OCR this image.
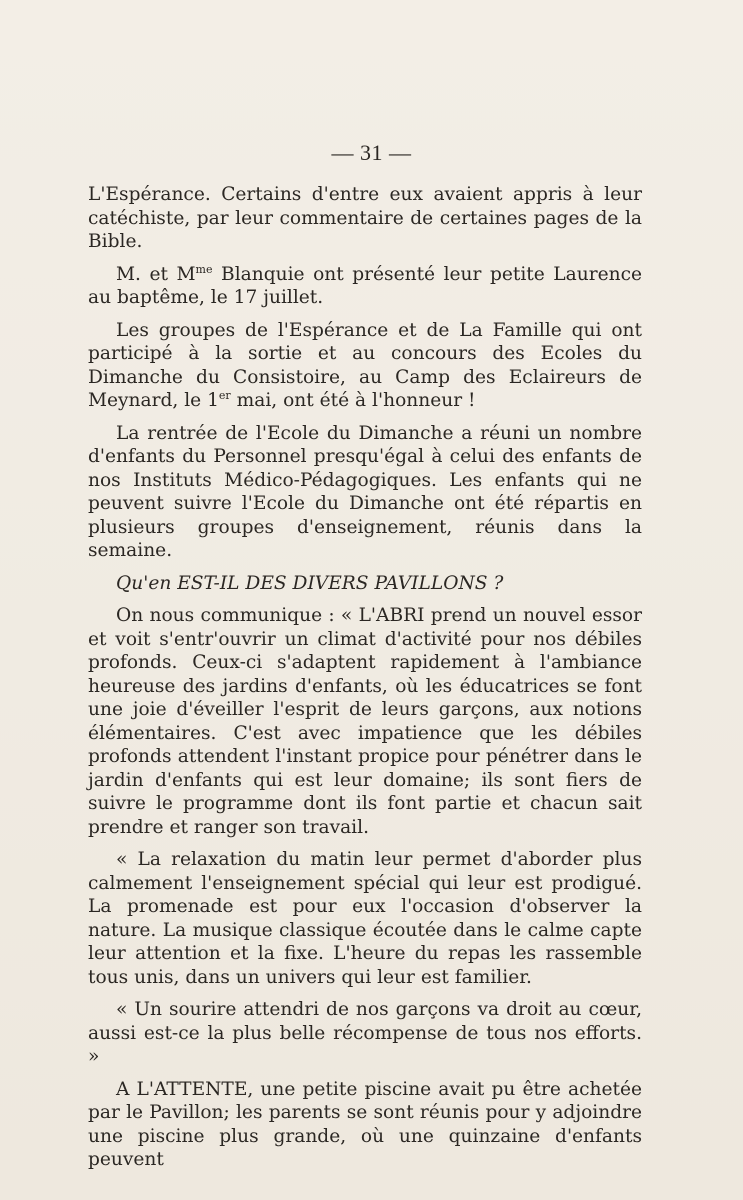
— 31 —

L'Espérance. Certains d'entre eux avaient appris à leur catéchiste, par leur commentaire de certaines pages de la Bible.

M. et $M^{me}$ Blanquie ont présenté leur petite Laurence au baptême, le 17 juillet.

Les groupes de l'Espérance et de La Famille qui ont participé à la sortie et au concours des Ecoles du Dimanche du Consistoire, au Camp des Eclaireurs de Meynard, le 1er mai, ont été à l'honneur !

La rentrée de l'Ecole du Dimanche a réuni un nombre d'enfants du Personnel presqu'égal à celui des enfants de nos Instituts Médico-Pédagogiques. Les enfants qui ne peuvent suivre l'Ecole du Dimanche ont été répartis en plusieurs groupes d'enseignement, réunis dans la semaine.

Qu'en EST-IL DES DIVERS PAVILLONS ?

On nous communique : « L'ABRI prend un nouvel essor et voit s'entr'ouvrir un climat d'activité pour nos débiles profonds. Ceux-ci s'adaptent rapidement à l'ambiance heureuse des jardins d'enfants, où les éducatrices se font une joie d'éveiller l'esprit de leurs garçons, aux notions élémentaires. C'est avec impatience que les débiles profonds attendent l'instant propice pour pénétrer dans le jardin d'enfants qui est leur domaine; ils sont fiers de suivre le programme dont ils font partie et chacun sait prendre et ranger son travail.

« La relaxation du matin leur permet d'aborder plus calmement l'enseignement spécial qui leur est prodigué. La promenade est pour eux l'occasion d'observer la nature. La musique classique écoutée dans le calme capte leur attention et la fixe. L'heure du repas les rassemble tous unis, dans un univers qui leur est familier.

« Un sourire attendri de nos garçons va droit au cœur, aussi est-ce la plus belle récompense de tous nos efforts. »

A L'ATTENTE, une petite piscine avait pu être achetée par le Pavillon; les parents se sont réunis pour y adjoindre une piscine plus grande, où une quinzaine d'enfants peuvent
